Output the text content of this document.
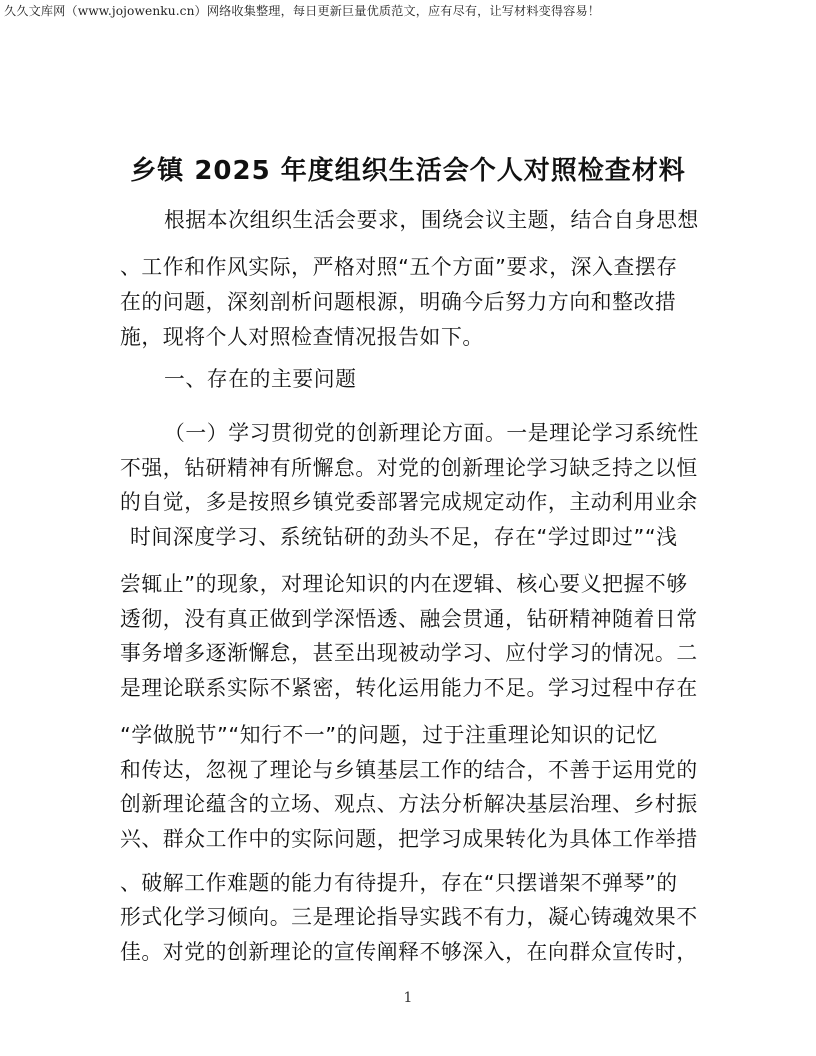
久久文库网（www.jojowenku.cn）网络收集整理，每日更新巨量优质范文，应有尽有，让写材料变得容易！
乡镇 2025 年度组织生活会个人对照检查材料
根据本次组织生活会要求，围绕会议主题，结合自身思想
、工作和作风实际，严格对照“五个方面”要求，深入查摆存
在的问题，深刻剖析问题根源，明确今后努力方向和整改措
施，现将个人对照检查情况报告如下。
一、存在的主要问题
（一）学习贯彻党的创新理论方面。一是理论学习系统性
不强，钻研精神有所懈怠。对党的创新理论学习缺乏持之以恒
的自觉，多是按照乡镇党委部署完成规定动作，主动利用业余
时间深度学习、系统钻研的劲头不足，存在“学过即过”“浅
尝辄止”的现象，对理论知识的内在逻辑、核心要义把握不够
透彻，没有真正做到学深悟透、融会贯通，钻研精神随着日常
事务增多逐渐懈怠，甚至出现被动学习、应付学习的情况。二
是理论联系实际不紧密，转化运用能力不足。学习过程中存在
“学做脱节”“知行不一”的问题，过于注重理论知识的记忆
和传达，忽视了理论与乡镇基层工作的结合，不善于运用党的
创新理论蕴含的立场、观点、方法分析解决基层治理、乡村振
兴、群众工作中的实际问题，把学习成果转化为具体工作举措
、破解工作难题的能力有待提升，存在“只摆谱架不弹琴”的
形式化学习倾向。三是理论指导实践不有力，凝心铸魂效果不
佳。对党的创新理论的宣传阐释不够深入，在向群众宣传时，
1
